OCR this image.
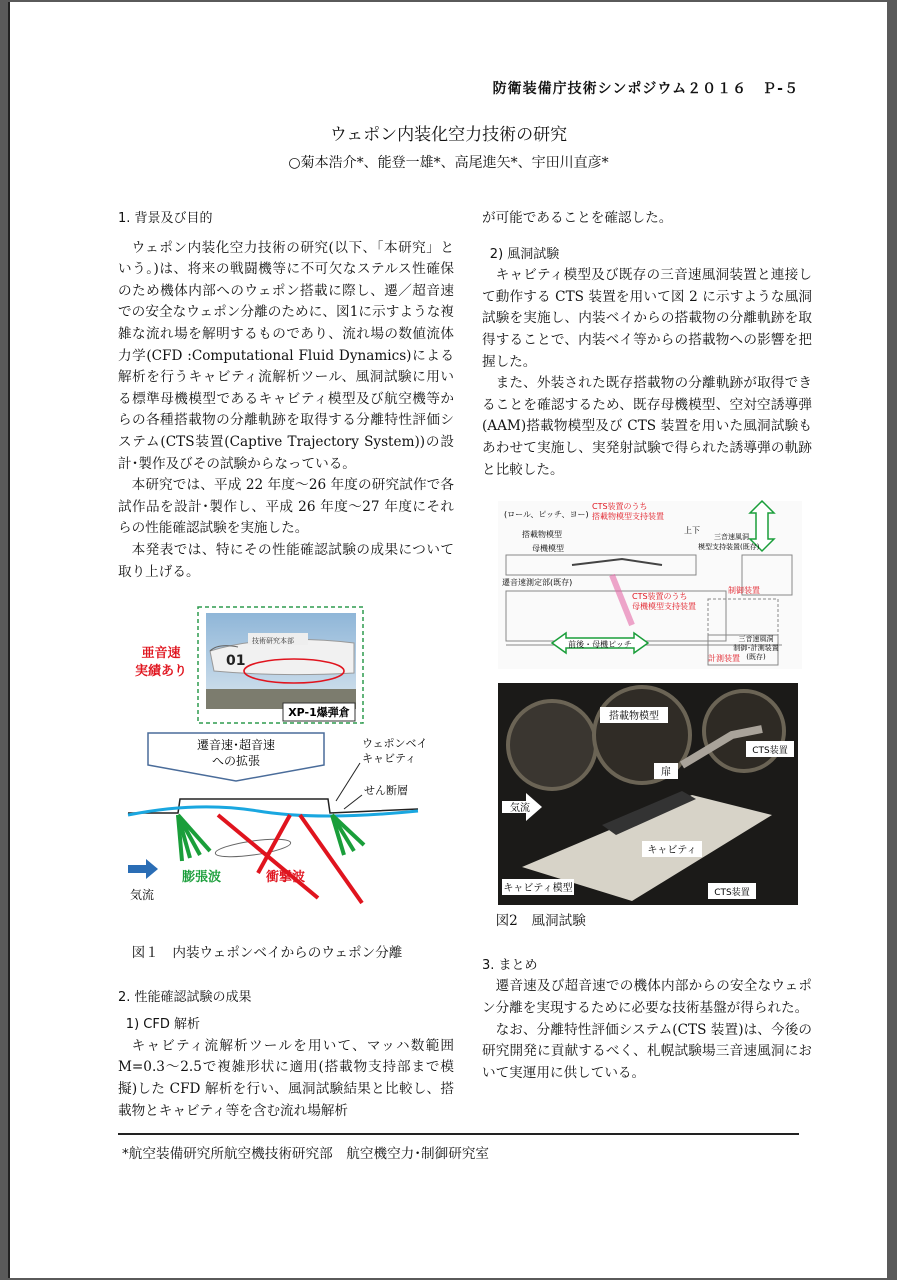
防衛装備庁技術シンポジウム２０１６　Ｐ-５
ウェポン内装化空力技術の研究
○菊本浩介*、能登一雄*、高尾進矢*、宇田川直彦*

1. 背景及び目的

ウェポン内装化空力技術の研究(以下、「本研究」という。)は、将来の戦闘機等に不可欠なステルス性確保のため機体内部へのウェポン搭載に際し、遷／超音速での安全なウェポン分離のために、図1に示すような複雑な流れ場を解明するものであり、流れ場の数値流体力学(CFD :Computational Fluid Dynamics)による解析を行うキャビティ流解析ツール、風洞試験に用いる標準母機模型であるキャビティ模型及び航空機等からの各種搭載物の分離軌跡を取得する分離特性評価システム(CTS装置(Captive Trajectory System))の設計･製作及びその試験からなっている。

本研究では、平成 22 年度～26 年度の研究試作で各試作品を設計･製作し、平成 26 年度～27 年度にそれらの性能確認試験を実施した。

本発表では、特にその性能確認試験の成果について取り上げる。

技術研究本部
01
XP-1爆弾倉
亜音速
実績あり
遷音速･超音速
への拡張
ウェポンベイ
キャビティ
せん断層
膨張波	衝撃波
気流

図１　内装ウェポンベイからのウェポン分離

2. 性能確認試験の成果

1) CFD 解析

キャビティ流解析ツールを用いて、マッハ数範囲M=0.3～2.5で複雑形状に適用(搭載物支持部まで模擬)した CFD 解析を行い、風洞試験結果と比較し、搭載物とキャビティ等を含む流れ場解析

が可能であることを確認した。

2) 風洞試験

キャビティ模型及び既存の三音速風洞装置と連接して動作する CTS 装置を用いて図 2 に示すような風洞試験を実施し、内装ベイからの搭載物の分離軌跡を取得することで、内装ベイ等からの搭載物への影響を把握した。

また、外装された既存搭載物の分離軌跡が取得できることを確認するため、既存母機模型、空対空誘導弾(AAM)搭載物模型及び CTS 装置を用いた風洞試験もあわせて実施し、実発射試験で得られた誘導弾の軌跡と比較した。

(ロール、ピッチ、ヨー)
CTS装置のうち
搭載物模型支持装置
搭載物模型
母機模型
遷音速測定部(既存)
CTS装置のうち
母機模型支持装置
前後・母機ピッチ
上下
三音速風洞
模型支持装置(既存)
制御装置
計測装置
三音速風洞
制御･計測装置
(既存)
搭載物模型
CTS装置
扉
気流
キャビティ
キャビティ模型	CTS装置

図2　風洞試験

3. まとめ

遷音速及び超音速での機体内部からの安全なウェポン分離を実現するために必要な技術基盤が得られた。

なお、分離特性評価システム(CTS 装置)は、今後の研究開発に貢献するべく、札幌試験場三音速風洞において実運用に供している。

*航空装備研究所航空機技術研究部　航空機空力･制御研究室
